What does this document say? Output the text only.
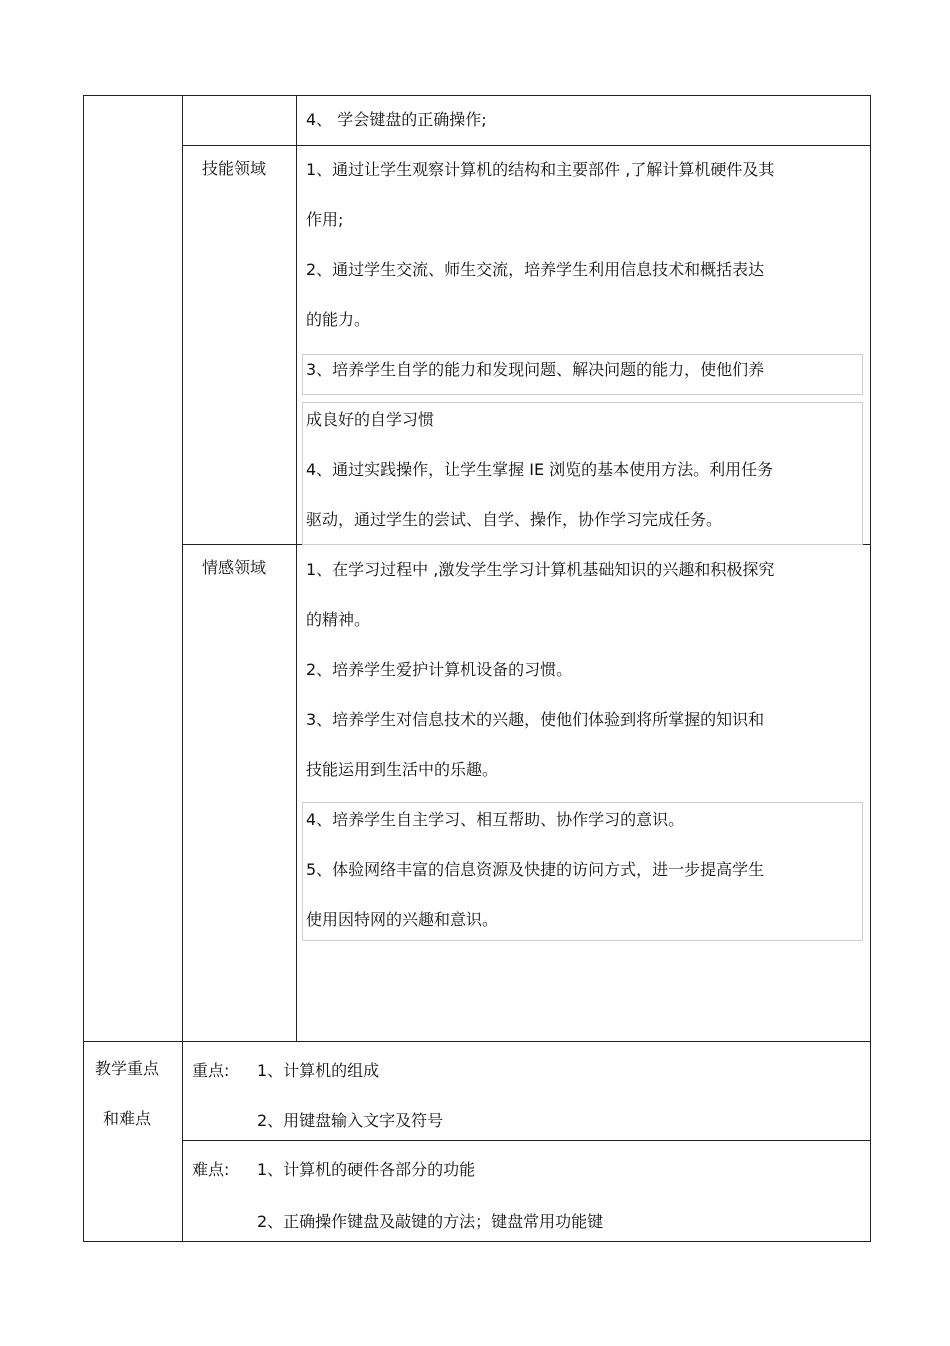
4、 学会键盘的正确操作;
技能领域 1、通过让学生观察计算机的结构和主要部件 ,了解计算机硬件及其
作用;
2、通过学生交流、师生交流，培养学生利用信息技术和概括表达
的能力。
3、培养学生自学的能力和发现问题、解决问题的能力，使他们养
成良好的自学习惯
4、通过实践操作，让学生掌握 IE 浏览的基本使用方法。利用任务
驱动，通过学生的尝试、自学、操作，协作学习完成任务。
情感领域 1、在学习过程中 ,激发学生学习计算机基础知识的兴趣和积极探究
的精神。
2、培养学生爱护计算机设备的习惯。
3、培养学生对信息技术的兴趣，使他们体验到将所掌握的知识和
技能运用到生活中的乐趣。
4、培养学生自主学习、相互帮助、协作学习的意识。
5、体验网络丰富的信息资源及快捷的访问方式，进一步提高学生
使用因特网的兴趣和意识。
教学重点
和难点
重点: 1、计算机的组成
2、用键盘输入文字及符号
难点: 1、计算机的硬件各部分的功能
2、正确操作键盘及敲键的方法；键盘常用功能键
